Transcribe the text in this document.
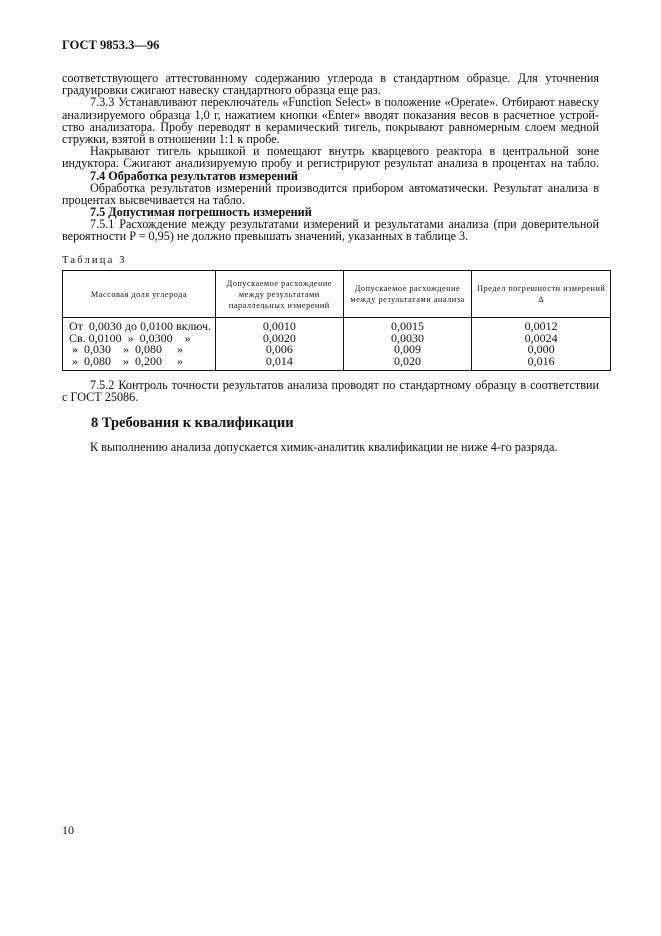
ГОСТ 9853.3—96
соответствующего аттестованному содержанию углерода в стандартном образце. Для уточнения
градуировки сжигают навеску стандартного образца еще раз.
7.3.3 Устанавливают переключатель «Function Select» в положение «Operate». Отбирают навеску
анализируемого образца 1,0 г, нажатием кнопки «Enter» вводят показания весов в расчетное устрой-
ство анализатора. Пробу переводят в керамический тигель, покрывают равномерным слоем медной
стружки, взятой в отношении 1:1 к пробе.
Накрывают тигель крышкой и помещают внутрь кварцевого реактора в центральной зоне
индуктора. Сжигают анализируемую пробу и регистрируют результат анализа в процентах на табло.
7.4 Обработка результатов измерений
Обработка результатов измерений производится прибором автоматически. Результат анализа в
процентах высвечивается на табло.
7.5 Допустимая погрешность измерений
7.5.1 Расхождение между результатами измерений и результатами анализа (при доверительной
вероятности P = 0,95) не должно превышать значений, указанных в таблице 3.
Таблица 3
Массовая доля углерода	Допускаемое расхождение между результатами параллельных измерений	Допускаемое расхождение между результатами анализа	Предел погрешности измерений Δ
От  0,0030 до 0,0100 включ.	0,0010	0,0015	0,0012
Св. 0,0100  »  0,0300    »	0,0020	0,0030	0,0024
»  0,030    »  0,080     »	0,006	0,009	0,000
»  0,080    »  0,200     »	0,014	0,020	0,016
7.5.2 Контроль точности результатов анализа проводят по стандартному образцу в соответствии
с ГОСТ 25086.
8 Требования к квалификации
К выполнению анализа допускается химик-аналитик квалификации не ниже 4-го разряда.
10
